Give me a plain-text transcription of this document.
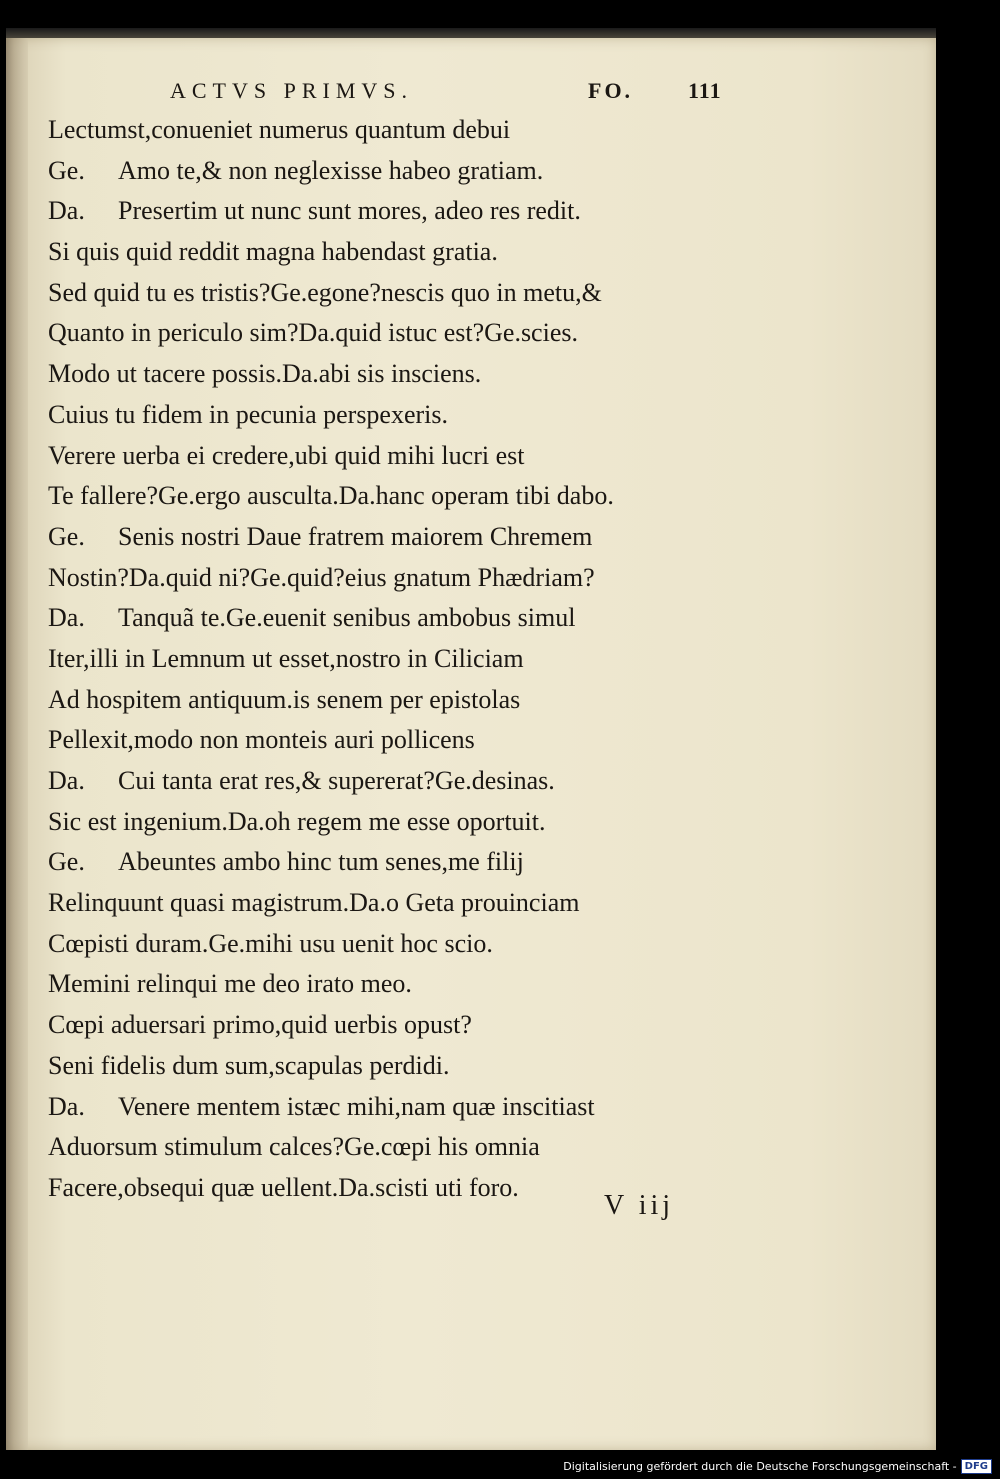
ACTVS PRIMVS.	FO. 111
Lectumst,conueniet numerus quantum debui
Ge. Amo te,& non neglexisse habeo gratiam.
Da. Presertim ut nunc sunt mores, adeo res redit.
Si quis quid reddit magna habendast gratia.
Sed quid tu es tristis?Ge.egone?nescis quo in metu,&
Quanto in periculo sim?Da.quid istuc est?Ge.scies.
Modo ut tacere possis.Da.abi sis insciens.
Cuius tu fidem in pecunia perspexeris.
Verere uerba ei credere,ubi quid mihi lucri est
Te fallere?Ge.ergo ausculta.Da.hanc operam tibi dabo.
Ge. Senis nostri Daue fratrem maiorem Chremem
Nostin?Da.quid ni?Ge.quid?eius gnatum Phædriam?
Da. Tanquã te.Ge.euenit senibus ambobus simul
Iter,illi in Lemnum ut esset,nostro in Ciliciam
Ad hospitem antiquum.is senem per epistolas
Pellexit,modo non monteis auri pollicens
Da. Cui tanta erat res,& supererat?Ge.desinas.
Sic est ingenium.Da.oh regem me esse oportuit.
Ge. Abeuntes ambo hinc tum senes,me filij
Relinquunt quasi magistrum.Da.o Geta prouinciam
Cœpisti duram.Ge.mihi usu uenit hoc scio.
Memini relinqui me deo irato meo.
Cœpi aduersari primo,quid uerbis opust?
Seni fidelis dum sum,scapulas perdidi.
Da. Venere mentem istæc mihi,nam quæ inscitiast
Aduorsum stimulum calces?Ge.cœpi his omnia
Facere,obsequi quæ uellent.Da.scisti uti foro.
V iij
Digitalisierung gefördert durch die Deutsche Forschungsgemeinschaft - DFG
